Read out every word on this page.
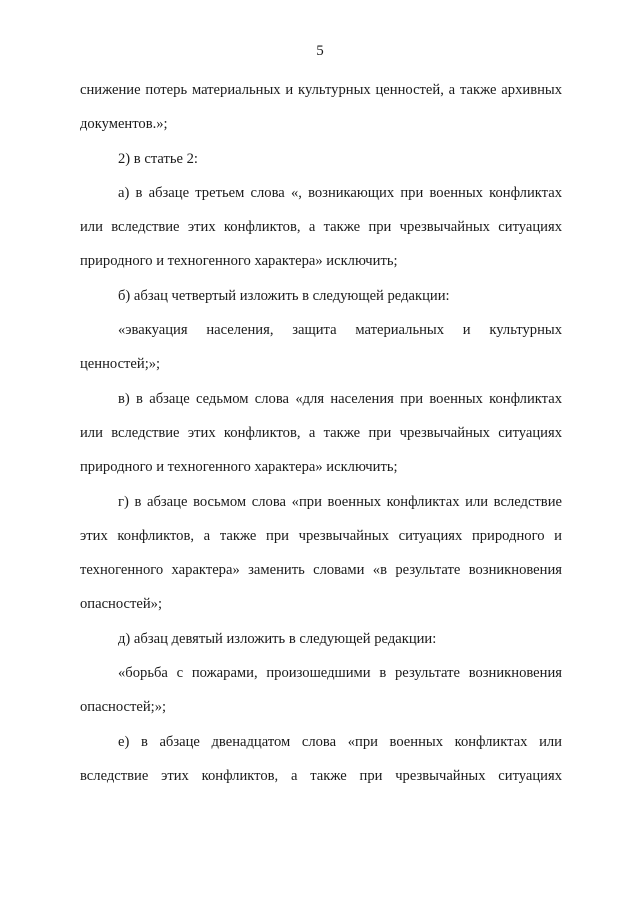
5

снижение потерь материальных и культурных ценностей, а также архивных документов.»;

2) в статье 2:

а) в абзаце третьем слова «, возникающих при военных конфликтах или вследствие этих конфликтов, а также при чрезвычайных ситуациях природного и техногенного характера» исключить;

б) абзац четвертый изложить в следующей редакции:

«эвакуация населения, защита материальных и культурных ценностей;»;

в) в абзаце седьмом слова «для населения при военных конфликтах или вследствие этих конфликтов, а также при чрезвычайных ситуациях природного и техногенного характера» исключить;

г) в абзаце восьмом слова «при военных конфликтах или вследствие этих конфликтов, а также при чрезвычайных ситуациях природного и техногенного характера» заменить словами «в результате возникновения опасностей»;

д) абзац девятый изложить в следующей редакции:

«борьба с пожарами, произошедшими в результате возникновения опасностей;»;

е) в абзаце двенадцатом слова «при военных конфликтах или вследствие этих конфликтов, а также при чрезвычайных ситуациях
